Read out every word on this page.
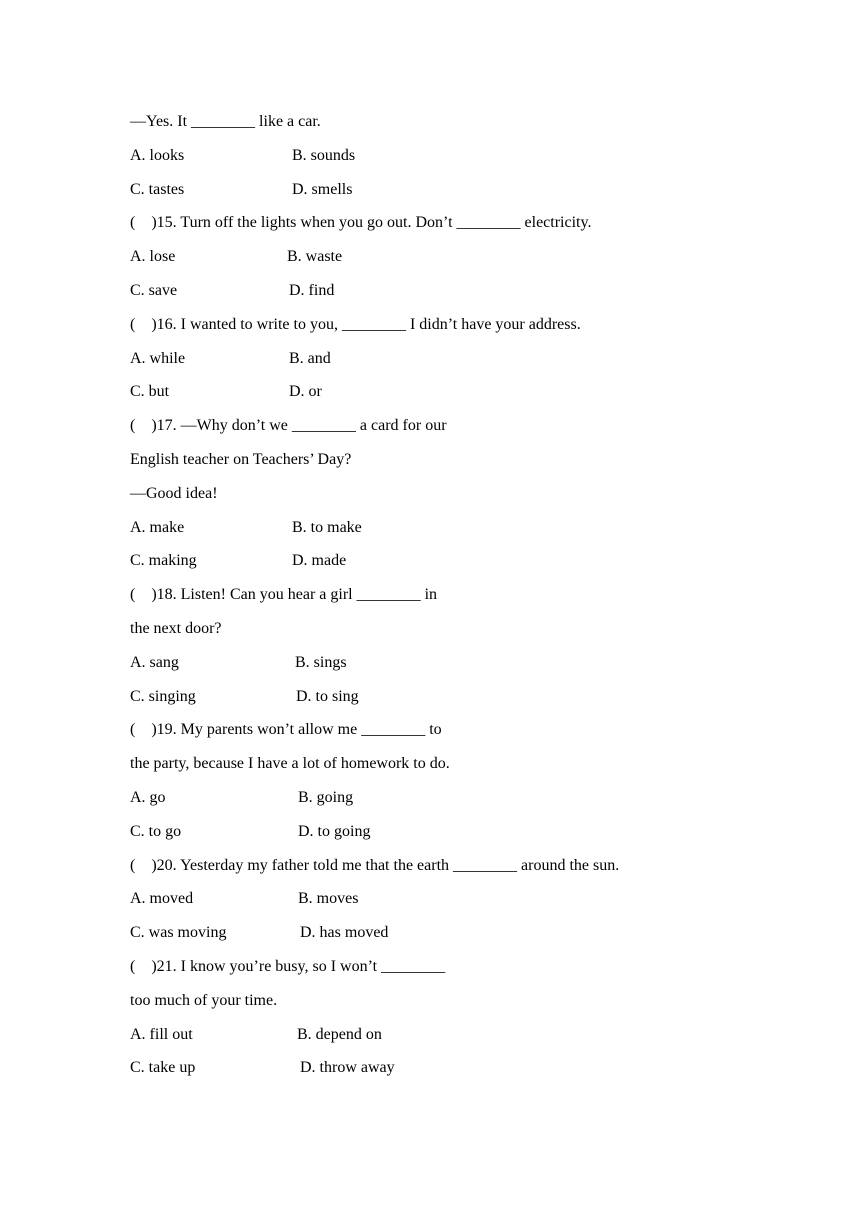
—Yes. It ________ like a car.
A. looks	B. sounds
C. tastes	D. smells
(    )15. Turn off the lights when you go out. Don’t ________ electricity.
A. lose	B. waste
C. save	D. find
(    )16. I wanted to write to you, ________ I didn’t have your address.
A. while	B. and
C. but	D. or
(    )17. —Why don’t we ________ a card for our
English teacher on Teachers’ Day?
—Good idea!
A. make	B. to make
C. making	D. made
(    )18. Listen! Can you hear a girl ________ in
the next door?
A. sang	B. sings
C. singing	D. to sing
(    )19. My parents won’t allow me ________ to
the party, because I have a lot of homework to do.
A. go	B. going
C. to go	D. to going
(    )20. Yesterday my father told me that the earth ________ around the sun.
A. moved	B. moves
C. was moving	D. has moved
(    )21. I know you’re busy, so I won’t ________
too much of your time.
A. fill out	B. depend on
C. take up	D. throw away
